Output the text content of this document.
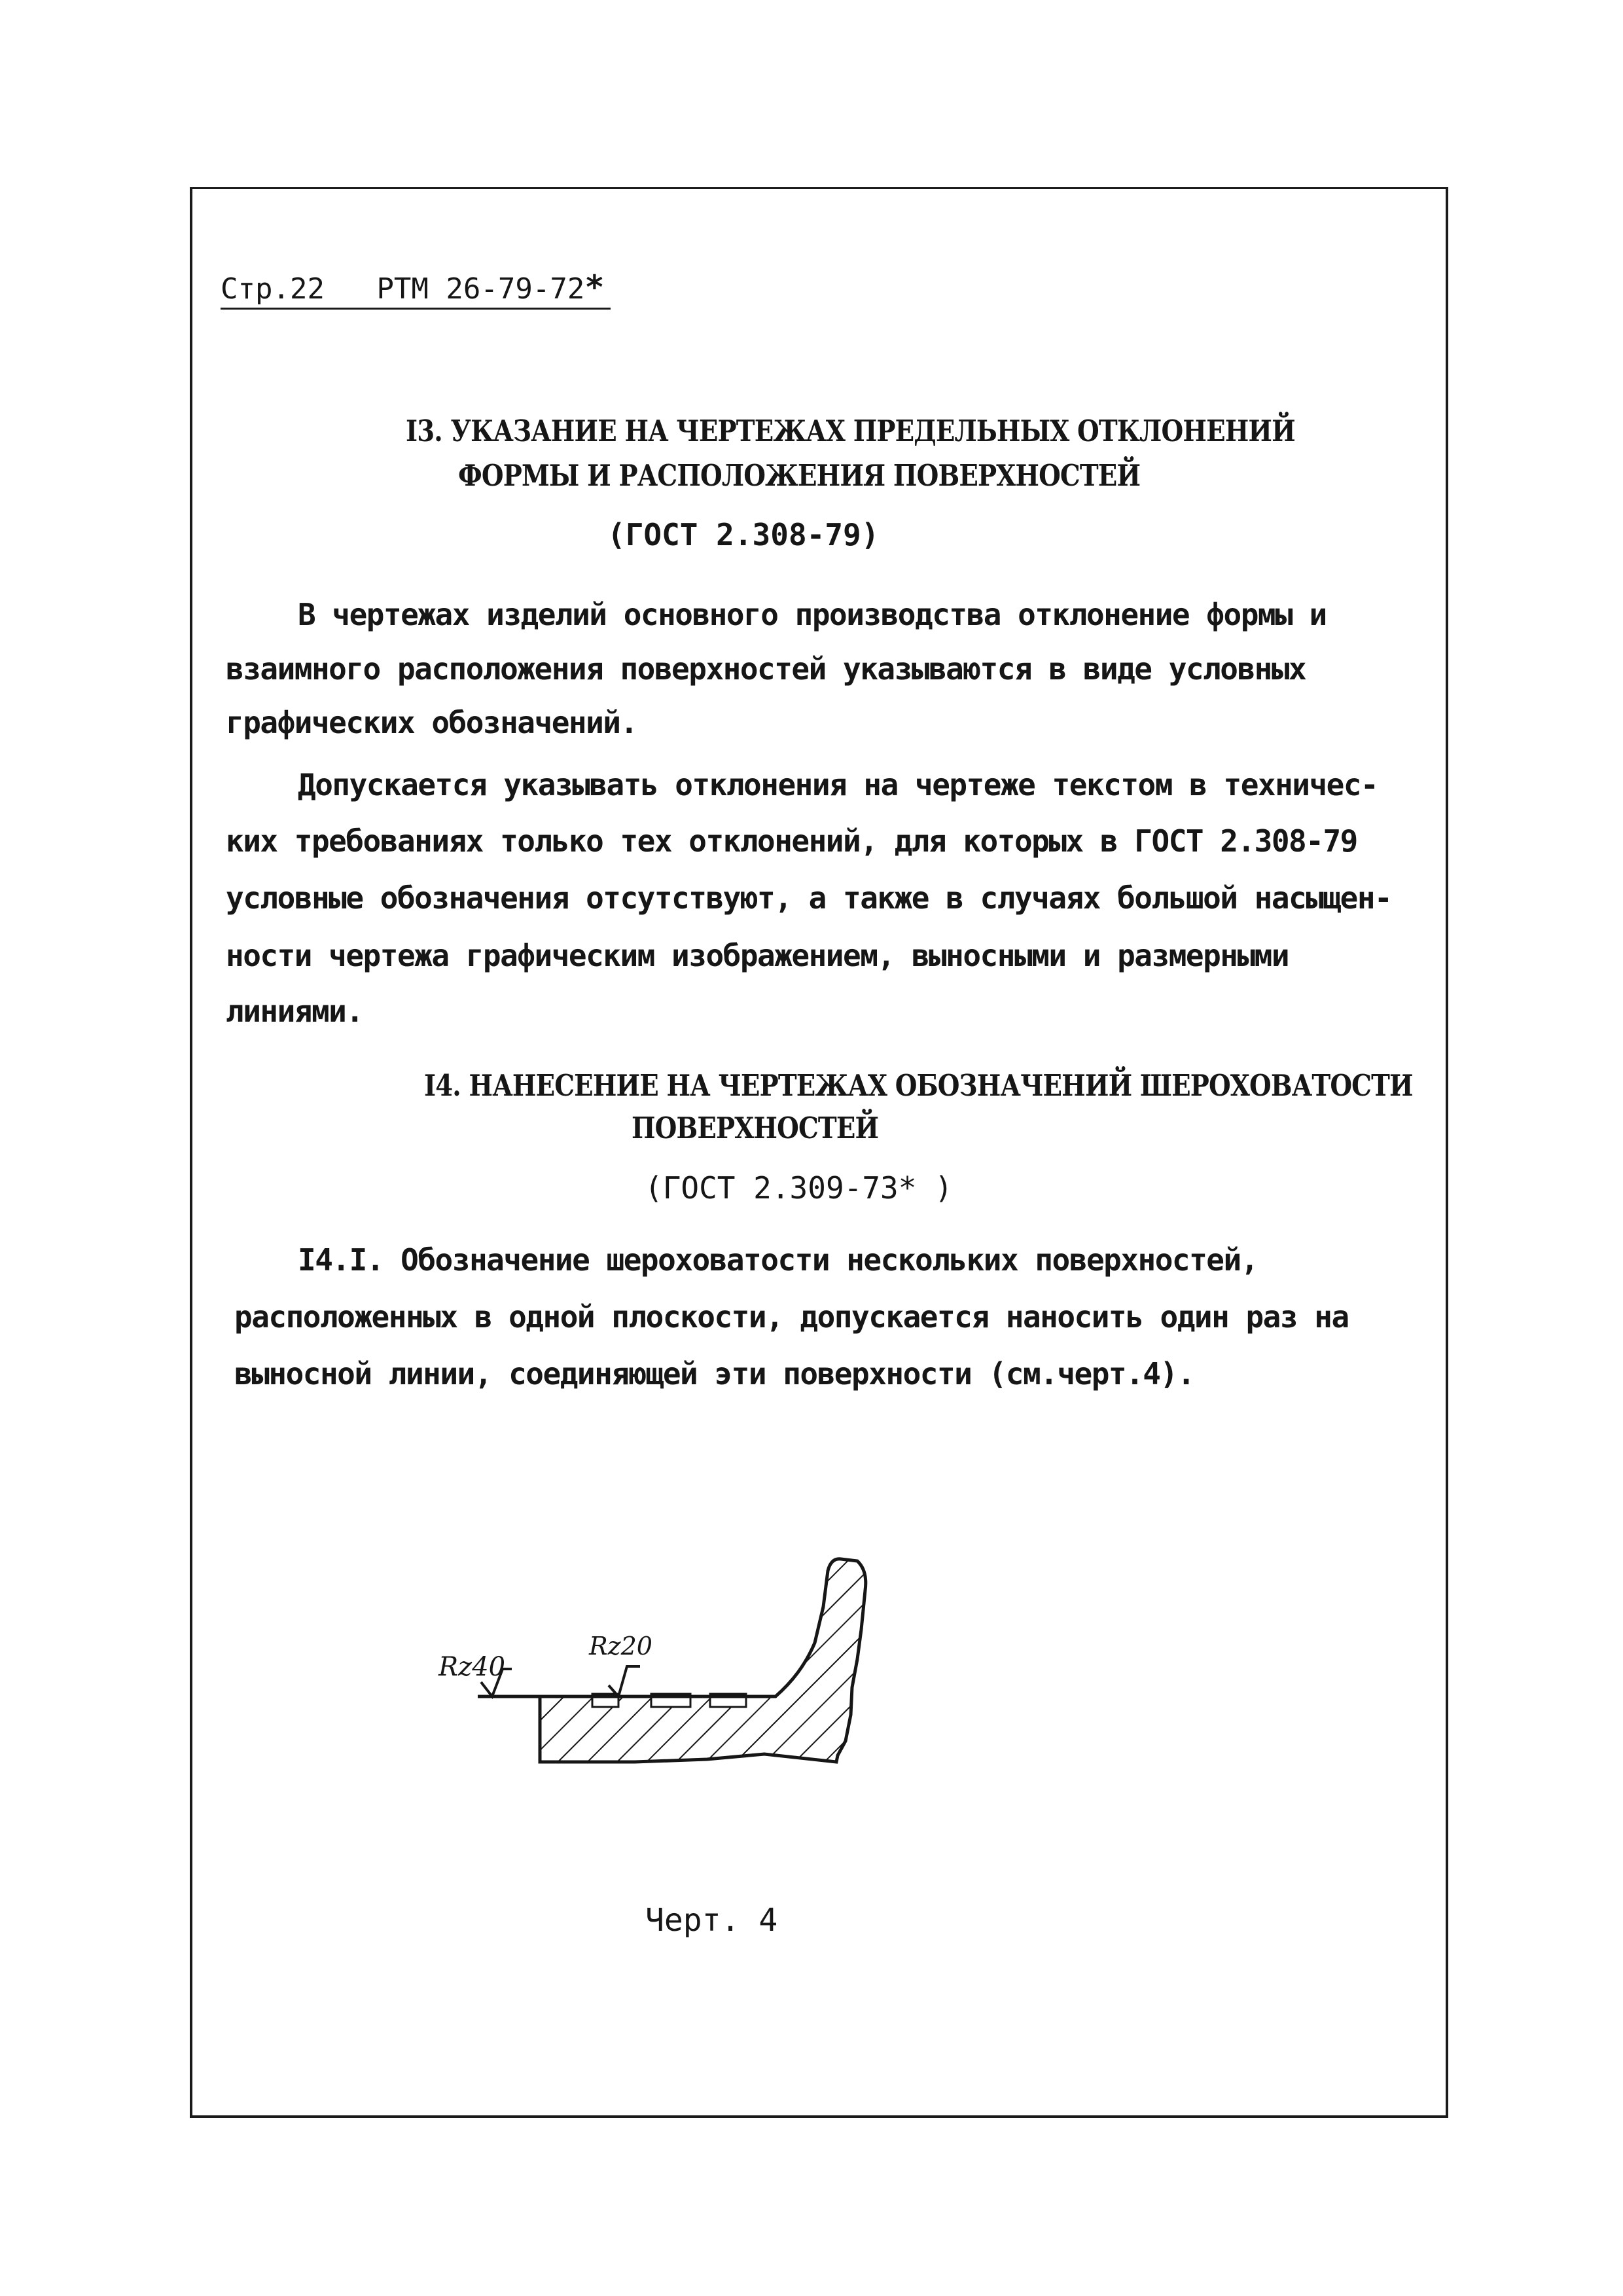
Стр.22 РТМ 26-79-72*
I3. УКАЗАНИЕ НА ЧЕРТЕЖАХ ПРЕДЕЛЬНЫХ ОТКЛОНЕНИЙ
ФОРМЫ И РАСПОЛОЖЕНИЯ ПОВЕРХНОСТЕЙ
(ГОСТ 2.308-79)
В чертежах изделий основного производства отклонение формы и
взаимного расположения поверхностей указываются в виде условных
графических обозначений.
Допускается указывать отклонения на чертеже текстом в техничес-
ких требованиях только тех отклонений, для которых в ГОСТ 2.308-79
условные обозначения отсутствуют, а также в случаях большой насыщен-
ности чертежа графическим изображением, выносными и размерными
линиями.
I4. НАНЕСЕНИЕ НА ЧЕРТЕЖАХ ОБОЗНАЧЕНИЙ ШЕРОХОВАТОСТИ
ПОВЕРХНОСТЕЙ
(ГОСТ 2.309-73* )
I4.I. Обозначение шероховатости нескольких поверхностей,
расположенных в одной плоскости, допускается наносить один раз на
выносной линии, соединяющей эти поверхности (см.черт.4).
Rz40
Rz20
Черт. 4
